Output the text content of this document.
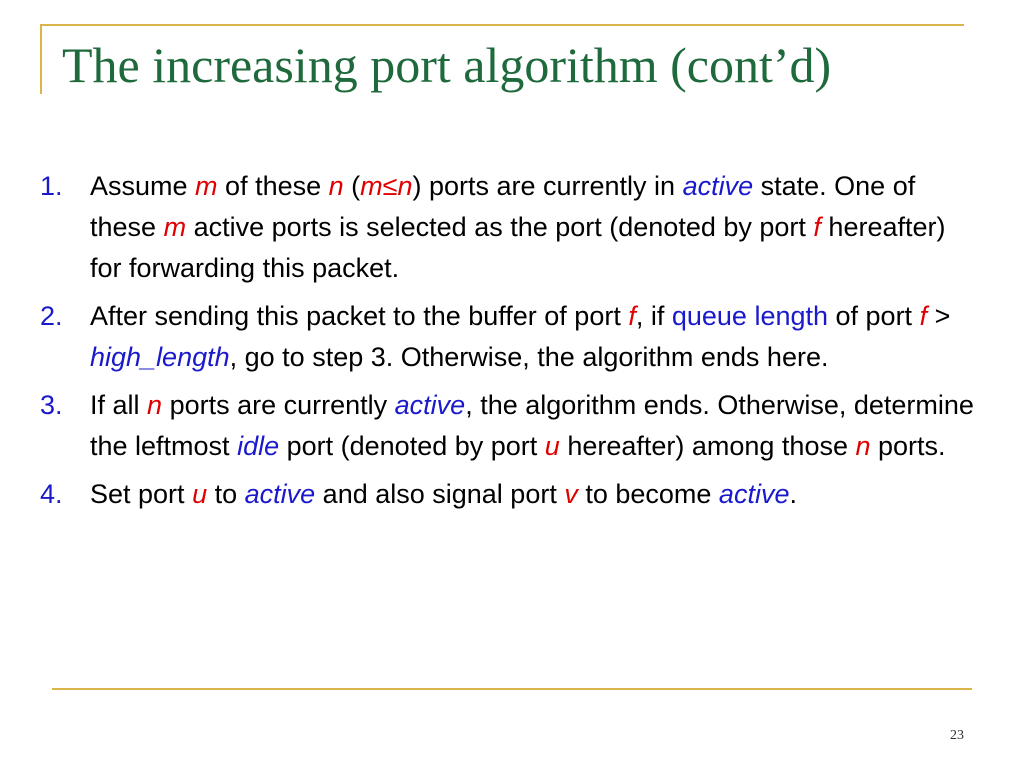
The increasing port algorithm (cont’d)
1.	Assume m of these n (m≤n) ports are currently in active state. One of these m active ports is selected as the port (denoted by port f hereafter) for forwarding this packet.
2.	After sending this packet to the buffer of port f, if queue length of port f > high_length, go to step 3. Otherwise, the algorithm ends here.
3.	If all n ports are currently active, the algorithm ends. Otherwise, determine the leftmost idle port (denoted by port u hereafter) among those n ports.
4.	Set port u to active and also signal port v to become active.
23
